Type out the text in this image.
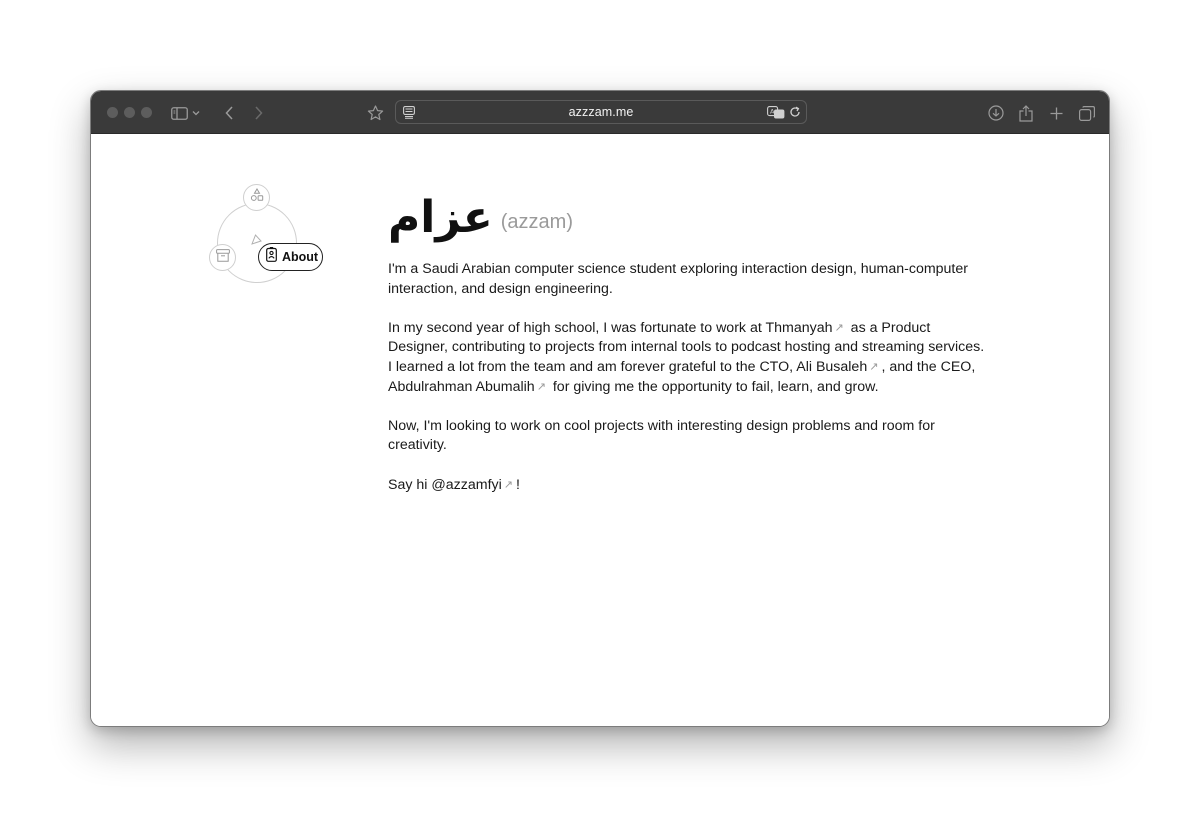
azzzam.me	A
About
عزام (azzam)

I'm a Saudi Arabian computer science student exploring interaction design, human-computer interaction, and design engineering.

In my second year of high school, I was fortunate to work at Thmanyah ↗ as a Product Designer, contributing to projects from internal tools to podcast hosting and streaming services. I learned a lot from the team and am forever grateful to the CTO, Ali Busaleh ↗ , and the CEO, Abdulrahman Abumalih ↗ for giving me the opportunity to fail, learn, and grow.

Now, I'm looking to work on cool projects with interesting design problems and room for creativity.

Say hi @azzamfyi ↗ !
